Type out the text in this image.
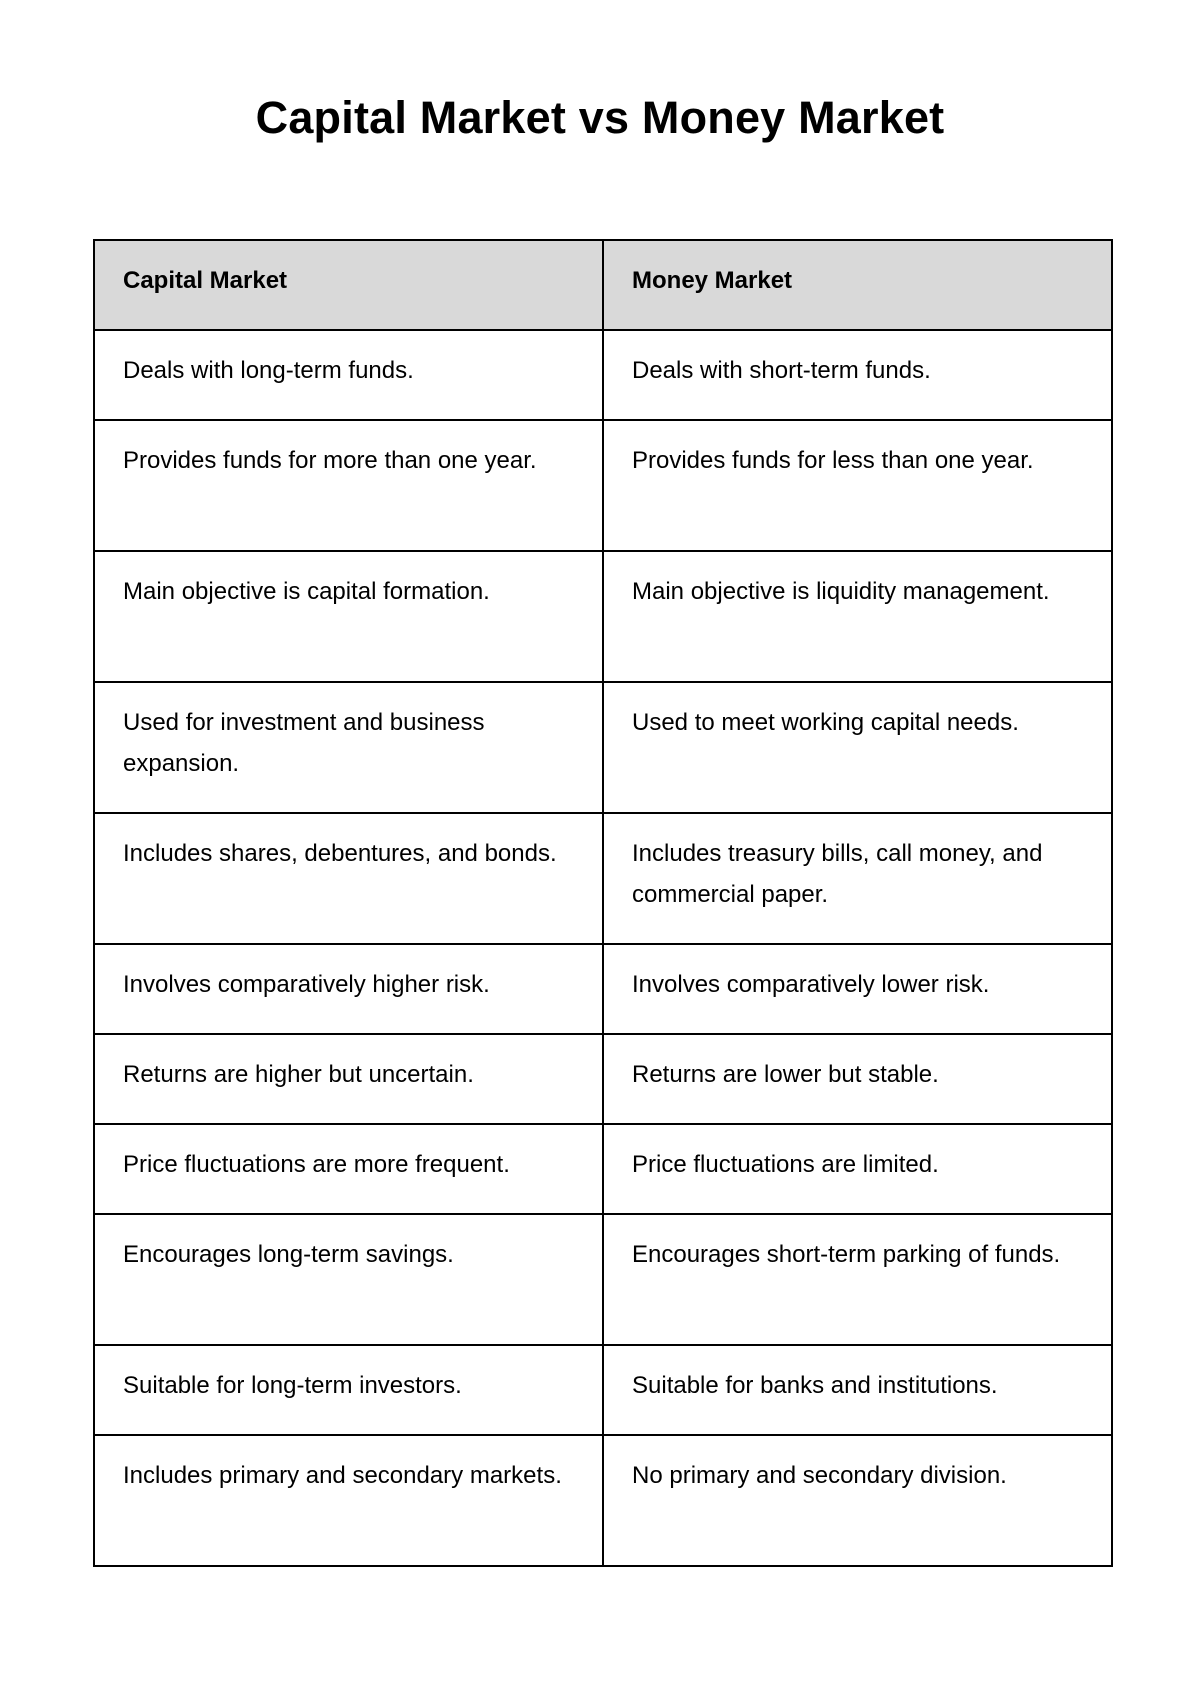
Capital Market vs Money Market
Capital Market	Money Market
Deals with long-term funds.	Deals with short-term funds.
Provides funds for more than one year.	Provides funds for less than one year.
Main objective is capital formation.	Main objective is liquidity management.
Used for investment and business expansion.	Used to meet working capital needs.
Includes shares, debentures, and bonds.	Includes treasury bills, call money, and commercial paper.
Involves comparatively higher risk.	Involves comparatively lower risk.
Returns are higher but uncertain.	Returns are lower but stable.
Price fluctuations are more frequent.	Price fluctuations are limited.
Encourages long-term savings.	Encourages short-term parking of funds.
Suitable for long-term investors.	Suitable for banks and institutions.
Includes primary and secondary markets.	No primary and secondary division.
